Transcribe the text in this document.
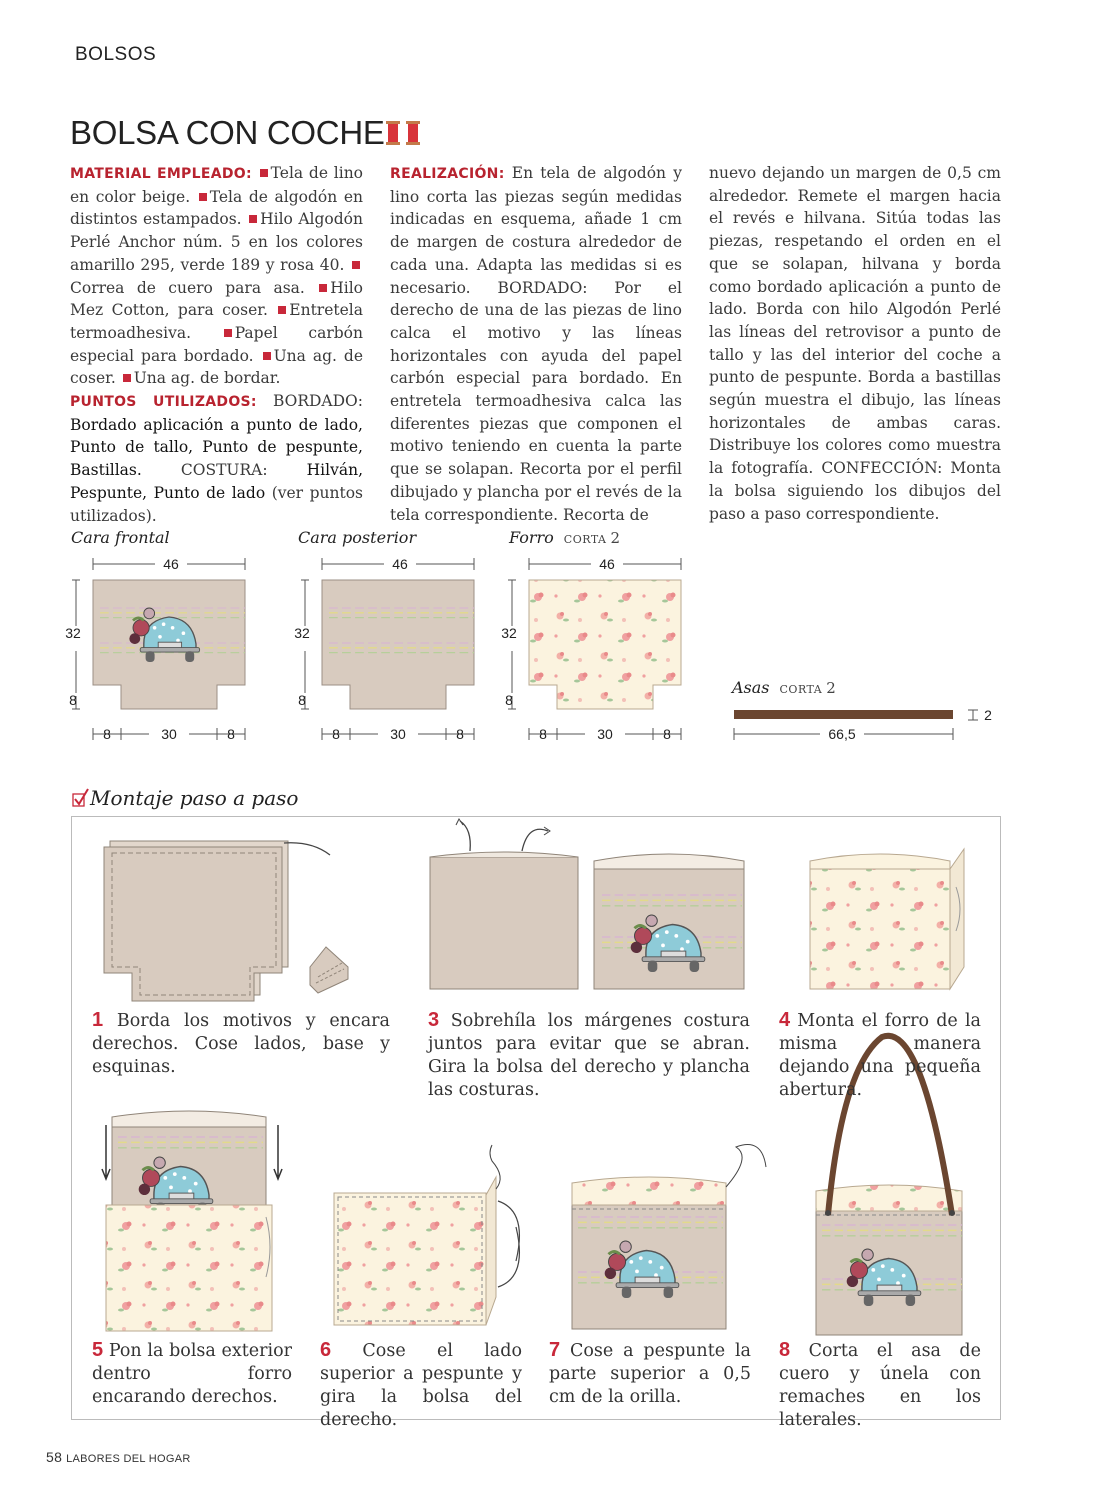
BOLSOS
BOLSA CON COCHE
MATERIAL EMPLEADO: Tela de lino en color beige. Tela de algodón en distintos estampados. Hilo Algodón Perlé Anchor núm. 5 en los colores amarillo 295, verde 189 y rosa 40. Correa de cuero para asa. Hilo Mez Cotton, para coser. Entretela termoadhesiva.	Papel carbón especial para bordado. Una ag. de coser. Una ag. de bordar.
PUNTOS UTILIZADOS: BORDADO: Bordado aplicación a punto de lado, Punto de tallo, Punto de pespunte, Bastillas.	COSTURA:	Hilván, Pespunte, Punto de lado (ver puntos utilizados).
REALIZACIÓN: En tela de algodón y lino corta las piezas según medidas indicadas en esquema, añade 1 cm de margen de costura alrededor de cada una. Adapta las medidas si es necesario. BORDADO: Por el derecho de una de las piezas de lino calca el motivo y las líneas horizontales con ayuda del papel carbón especial para bordado. En entretela termoadhesiva calca las diferentes piezas que componen el motivo teniendo en cuenta la parte que se solapan. Recorta por el perfil dibujado y plancha por el revés de la tela correspondiente. Recorta de
nuevo dejando un margen de 0,5 cm alrededor. Remete el margen hacia el revés e hilvana. Sitúa todas las piezas, respetando el orden en el que se solapan, hilvana y borda como bordado aplicación a punto de lado. Borda con hilo Algodón Perlé las líneas del retrovisor a punto de tallo y las del interior del coche a punto de pespunte. Borda a bastillas según muestra el dibujo, las líneas horizontales de ambas caras. Distribuye los colores como muestra la fotografía. CONFECCIÓN: Monta la bolsa siguiendo los dibujos del paso a paso correspondiente.
Cara frontal	Cara posterior	Forro CORTA 2
Asas CORTA 2
46
32
8
8	30	8
46
32
8
8	30	8
46
32
8
8	30	8	66,5
2
Montaje paso a paso
1 Borda los motivos y encara derechos. Cose lados, base y esquinas.
3 Sobrehíla los márgenes costura juntos para evitar que se abran. Gira la bolsa del derecho y plancha las costuras.
4 Monta el forro de la misma manera dejando una pequeña abertura.
5 Pon la bolsa exterior dentro forro encarando derechos.
6 Cose el lado superior a pespunte y gira la bolsa del derecho.
7 Cose a pespunte la parte superior a 0,5 cm de la orilla.
8 Corta el asa de cuero y únela con remaches en los laterales.
58 LABORES DEL HOGAR
